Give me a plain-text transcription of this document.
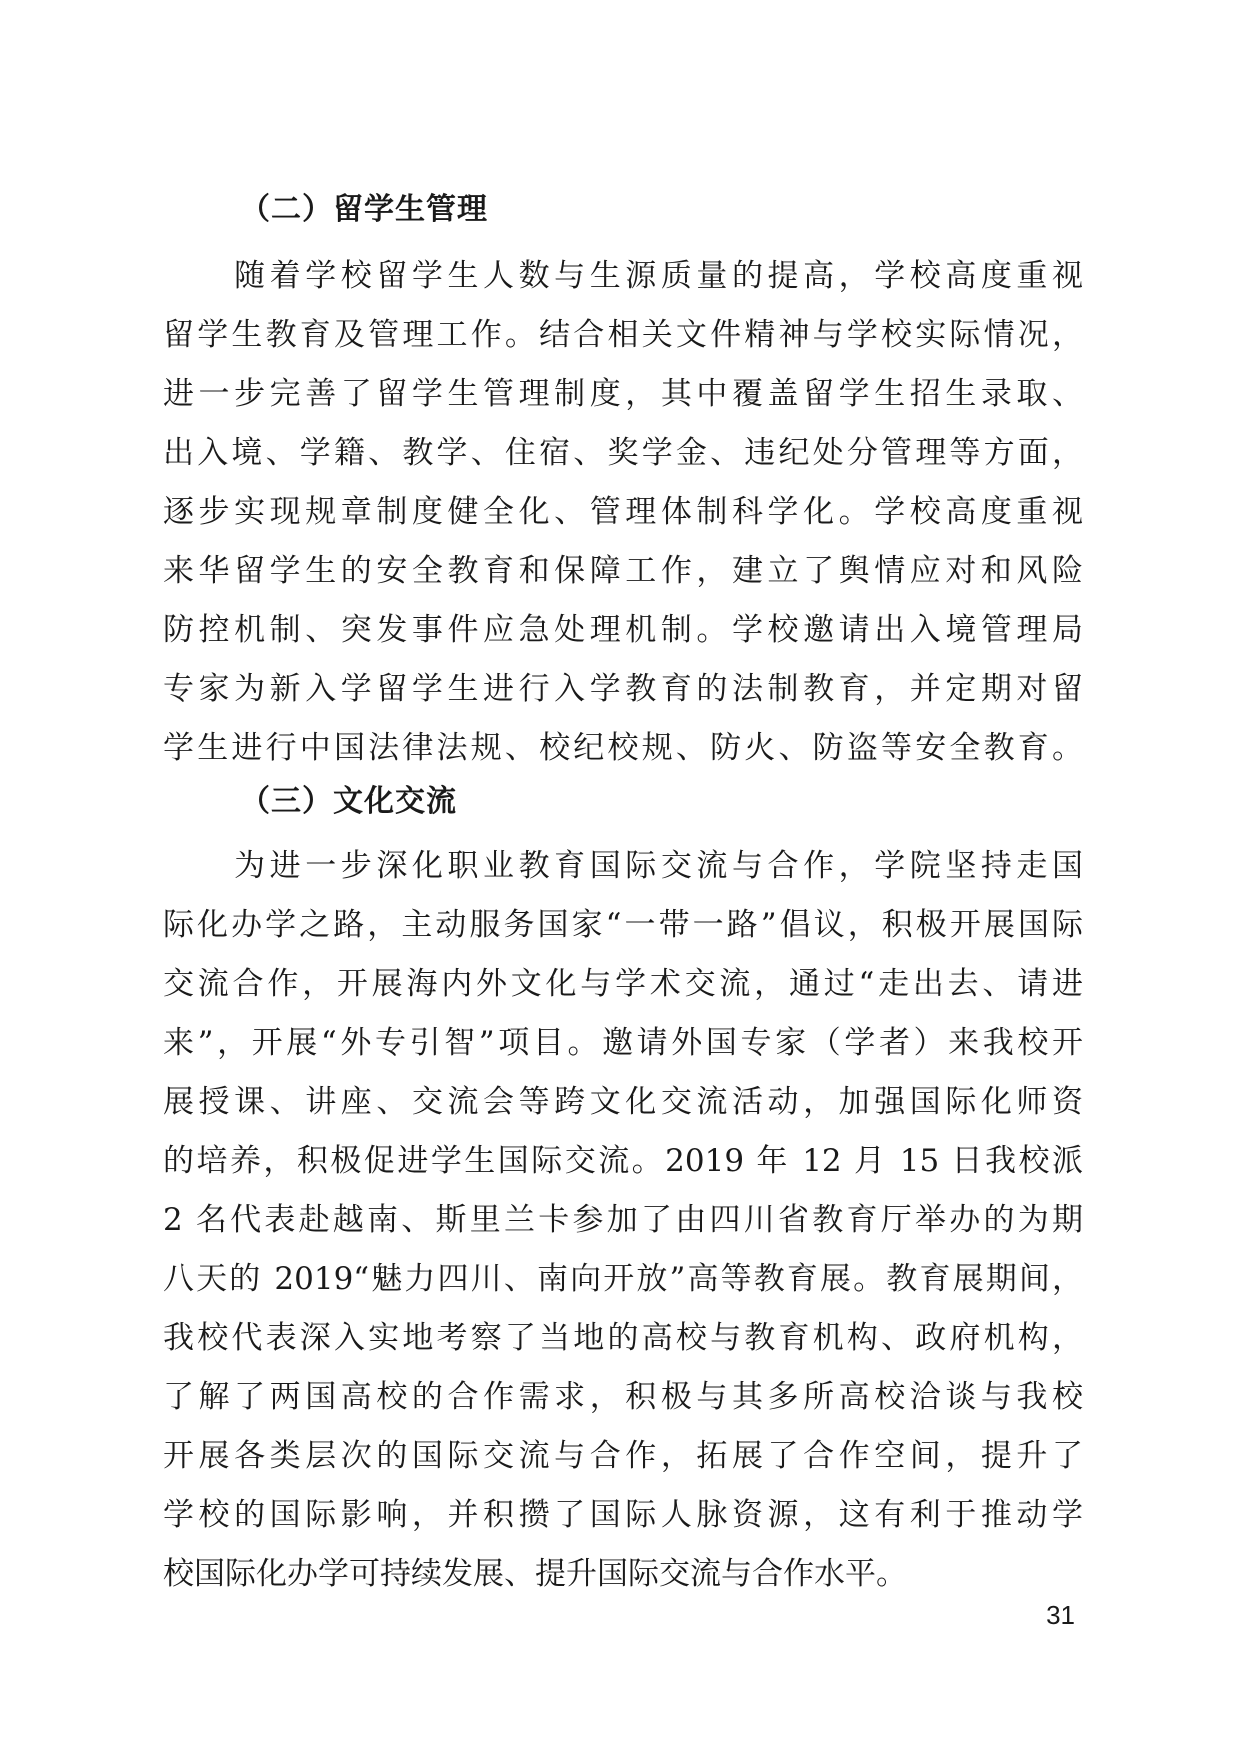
（二）留学生管理
　　随着学校留学生人数与生源质量的提高，学校高度重视
留学生教育及管理工作。结合相关文件精神与学校实际情况，
进一步完善了留学生管理制度，其中覆盖留学生招生录取、
出入境、学籍、教学、住宿、奖学金、违纪处分管理等方面，
逐步实现规章制度健全化、管理体制科学化。学校高度重视
来华留学生的安全教育和保障工作，建立了舆情应对和风险
防控机制、突发事件应急处理机制。学校邀请出入境管理局
专家为新入学留学生进行入学教育的法制教育，并定期对留
学生进行中国法律法规、校纪校规、防火、防盗等安全教育。
（三）文化交流
　　为进一步深化职业教育国际交流与合作，学院坚持走国
际化办学之路，主动服务国家“一带一路”倡议，积极开展国际
交流合作，开展海内外文化与学术交流，通过“走出去、请进
来”，开展“外专引智”项目。邀请外国专家（学者）来我校开
展授课、讲座、交流会等跨文化交流活动，加强国际化师资
的培养，积极促进学生国际交流。2019 年 12 月 15 日我校派
2 名代表赴越南、斯里兰卡参加了由四川省教育厅举办的为期
八天的 2019“魅力四川、南向开放”高等教育展。教育展期间，
我校代表深入实地考察了当地的高校与教育机构、政府机构，
了解了两国高校的合作需求，积极与其多所高校洽谈与我校
开展各类层次的国际交流与合作，拓展了合作空间，提升了
学校的国际影响，并积攒了国际人脉资源，这有利于推动学
校国际化办学可持续发展、提升国际交流与合作水平。
31
